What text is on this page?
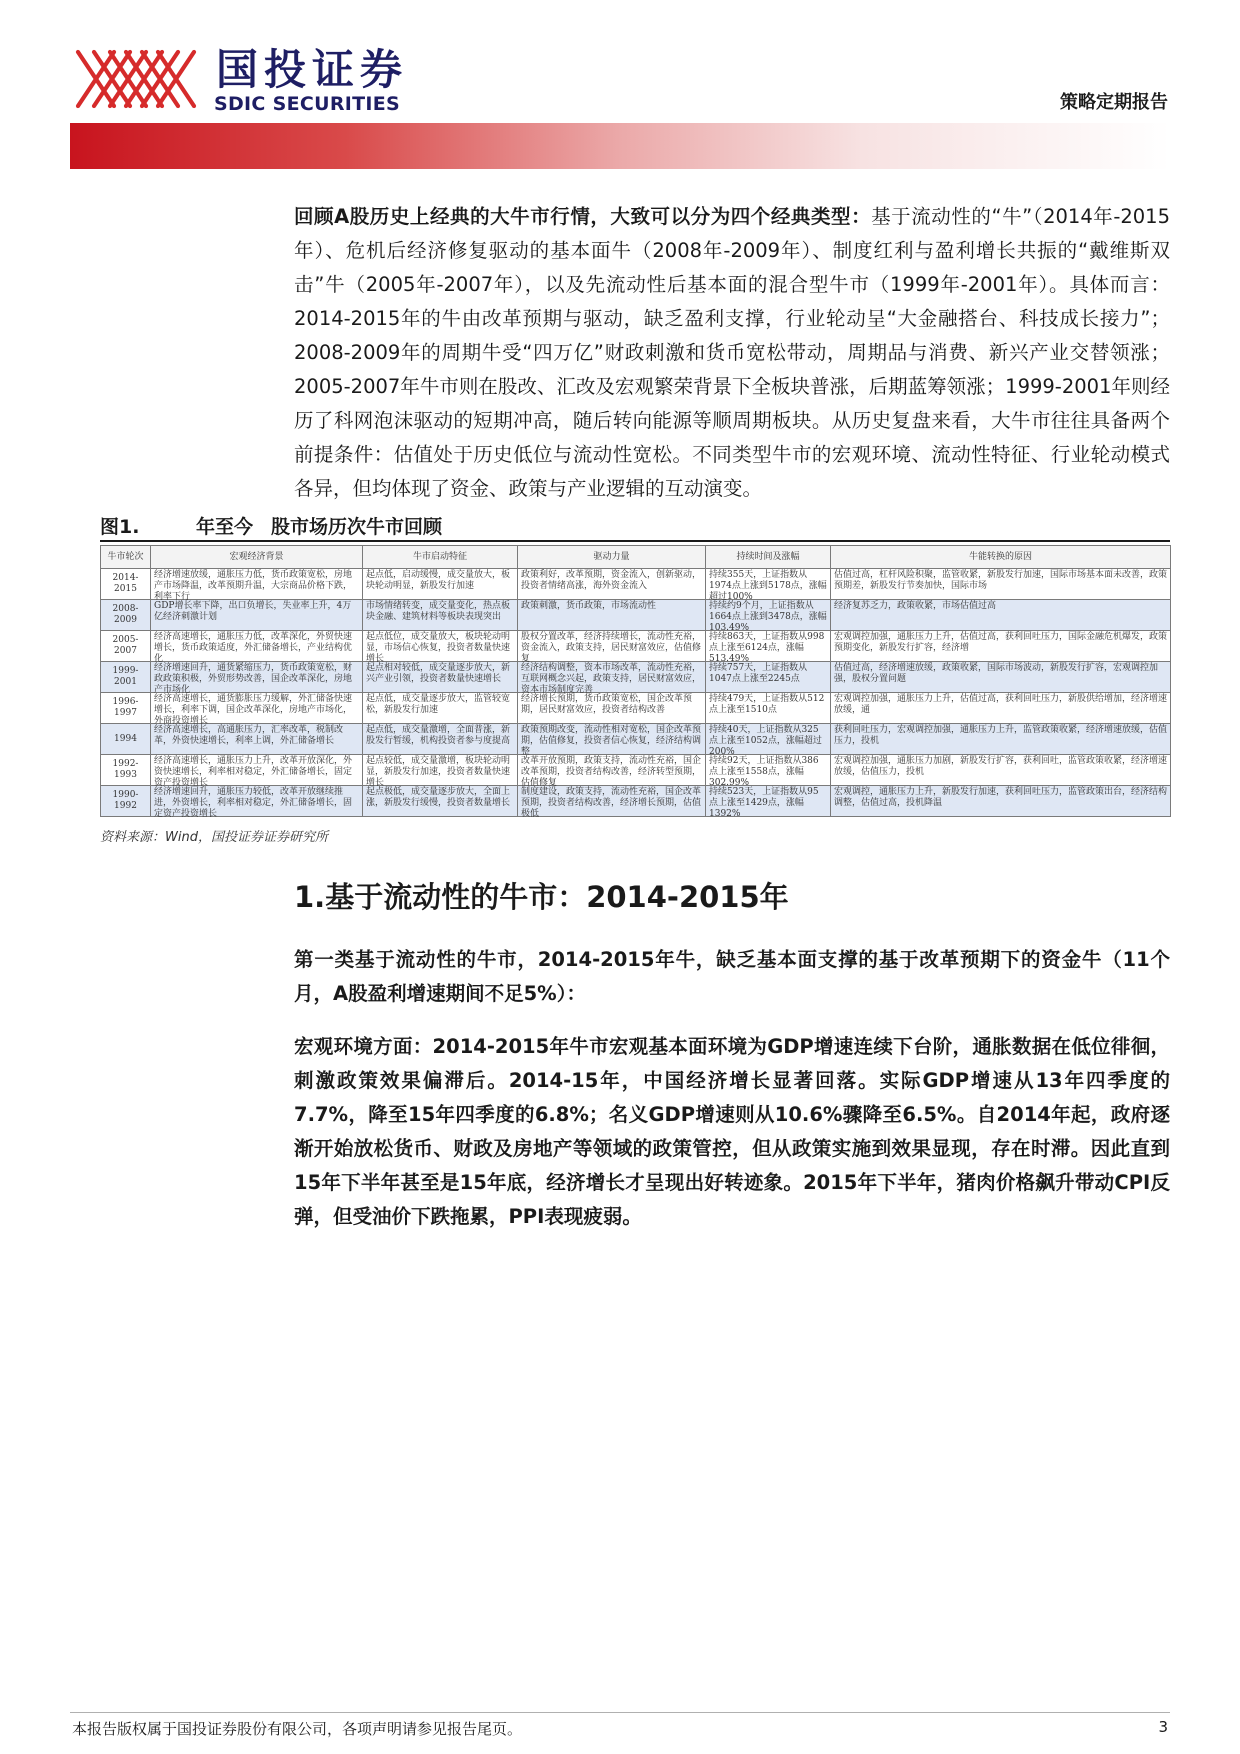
国投证券
SDIC SECURITIES	策略定期报告

回顾A股历史上经典的大牛市行情，大致可以分为四个经典类型：基于流动性的“牛”（2014年-2015年）、危机后经济修复驱动的基本面牛（2008年-2009年）、制度红利与盈利增长共振的“戴维斯双击”牛（2005年-2007年），以及先流动性后基本面的混合型牛市（1999年-2001年）。具体而言：2014-2015年的牛由改革预期与驱动，缺乏盈利支撑，行业轮动呈“大金融搭台、科技成长接力”；2008-2009年的周期牛受“四万亿”财政刺激和货币宽松带动，周期品与消费、新兴产业交替领涨；2005-2007年牛市则在股改、汇改及宏观繁荣背景下全板块普涨，后期蓝筹领涨；1999-2001年则经历了科网泡沫驱动的短期冲高，随后转向能源等顺周期板块。从历史复盘来看，大牛市往往具备两个前提条件：估值处于历史低位与流动性宽松。不同类型牛市的宏观环境、流动性特征、行业轮动模式各异，但均体现了资金、政策与产业逻辑的互动演变。

图1.	年至今 股市场历次牛市回顾
牛市轮次	宏观经济背景	牛市启动特征	驱动力量	持续时间及涨幅	牛能转换的原因
2014-2015	经济增速放缓，通胀压力低，货币政策宽松，房地产市场降温，改革预期升温，大宗商品价格下跌，利率下行	起点低，启动缓慢，成交量放大，板块轮动明显，新股发行加速	政策利好，改革预期，资金流入，创新驱动，投资者情绪高涨，海外资金流入	持续355天，上证指数从1974点上涨到5178点，涨幅超过100%	估值过高，杠杆风险积聚，监管收紧，新股发行加速，国际市场基本面未改善，政策预期差，新股发行节奏加快，国际市场

2008-2009	GDP增长率下降，出口负增长，失业率上升，4万亿经济刺激计划	市场情绪转变，成交量变化，热点板块金融、建筑材料等板块表现突出	政策刺激，货币政策，市场流动性	持续约9个月，上证指数从1664点上涨到3478点，涨幅103.49%	经济复苏乏力，政策收紧，市场估值过高

2005-2007	经济高速增长，通胀压力低，改革深化，外贸快速增长，货币政策适度，外汇储备增长，产业结构优化	起点低位，成交量放大，板块轮动明显，市场信心恢复，投资者数量快速增长	股权分置改革，经济持续增长，流动性充裕，资金流入，政策支持，居民财富效应，估值修复	持续863天，上证指数从998点上涨至6124点，涨幅513.49%	宏观调控加强，通胀压力上升，估值过高，获利回吐压力，国际金融危机爆发，政策预期变化，新股发行扩容，经济增

1999-2001	经济增速回升，通货紧缩压力，货币政策宽松，财政政策积极，外贸形势改善，国企改革深化，房地产市场化	起点相对较低，成交量逐步放大，新兴产业引领，投资者数量快速增长	经济结构调整，资本市场改革，流动性充裕，互联网概念兴起，政策支持，居民财富效应，资本市场制度完善	持续757天，上证指数从1047点上涨至2245点	估值过高，经济增速放缓，政策收紧，国际市场波动，新股发行扩容，宏观调控加强，股权分置问题

1996-1997	经济高速增长，通货膨胀压力缓解，外汇储备快速增长，利率下调，国企改革深化，房地产市场化，外商投资增长	起点低，成交量逐步放大，监管较宽松，新股发行加速	经济增长预期，货币政策宽松，国企改革预期，居民财富效应，投资者结构改善	持续479天，上证指数从512点上涨至1510点	宏观调控加强，通胀压力上升，估值过高，获利回吐压力，新股供给增加，经济增速放缓，通

1994	经济高速增长，高通胀压力，汇率改革，税制改革，外资快速增长，利率上调，外汇储备增长	起点低，成交量激增，全面普涨，新股发行暂缓，机构投资者参与度提高	政策预期改变，流动性相对宽松，国企改革预期，估值修复，投资者信心恢复，经济结构调整	持续40天，上证指数从325点上涨至1052点，涨幅超过200%	获利回吐压力，宏观调控加强，通胀压力上升，监管政策收紧，经济增速放缓，估值压力，投机

1992-1993	经济高速增长，通胀压力上升，改革开放深化，外资快速增长，利率相对稳定，外汇储备增长，固定资产投资增长	起点较低，成交量激增，板块轮动明显，新股发行加速，投资者数量快速增长	改革开放预期，政策支持，流动性充裕，国企改革预期，投资者结构改善，经济转型预期，估值修复	持续92天，上证指数从386点上涨至1558点，涨幅302.99%	宏观调控加强，通胀压力加剧，新股发行扩容，获利回吐，监管政策收紧，经济增速放缓，估值压力，投机

1990-1992	经济增速回升，通胀压力较低，改革开放继续推进，外资增长，利率相对稳定，外汇储备增长，固定资产投资增长	起点极低，成交量逐步放大，全面上涨，新股发行缓慢，投资者数量增长	制度建设，政策支持，流动性充裕，国企改革预期，投资者结构改善，经济增长预期，估值极低	持续523天，上证指数从95点上涨至1429点，涨幅1392%	宏观调控，通胀压力上升，新股发行加速，获利回吐压力，监管政策出台，经济结构调整，估值过高，投机降温
资料来源：Wind，国投证券证券研究所
1.基于流动性的牛市：2014-2015年

第一类基于流动性的牛市，2014-2015年牛，缺乏基本面支撑的基于改革预期下的资金牛（11个月，A股盈利增速期间不足5%）：

宏观环境方面：2014-2015年牛市宏观基本面环境为GDP增速连续下台阶，通胀数据在低位徘徊，刺激政策效果偏滞后。2014-15年，中国经济增长显著回落。实际GDP增速从13年四季度的7.7%，降至15年四季度的6.8%；名义GDP增速则从10.6%骤降至6.5%。自2014年起，政府逐渐开始放松货币、财政及房地产等领域的政策管控，但从政策实施到效果显现，存在时滞。因此直到15年下半年甚至是15年底，经济增长才呈现出好转迹象。2015年下半年，猪肉价格飙升带动CPI反弹，但受油价下跌拖累，PPI表现疲弱。

本报告版权属于国投证券股份有限公司，各项声明请参见报告尾页。	3
